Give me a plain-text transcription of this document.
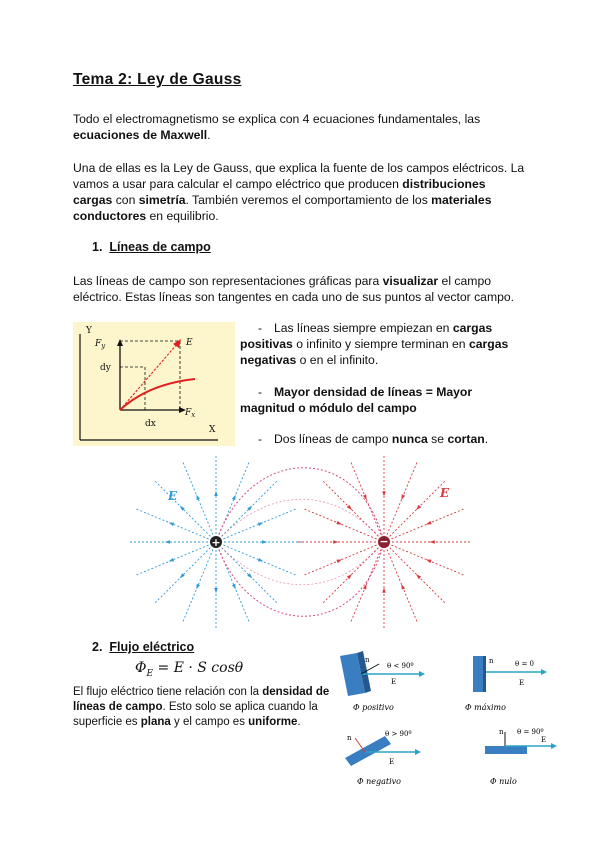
Tema 2: Ley de Gauss
Todo el electromagnetismo se explica con 4 ecuaciones fundamentales, las
ecuaciones de Maxwell.
Una de ellas es la Ley de Gauss, que explica la fuente de los campos eléctricos. La
vamos a usar para calcular el campo eléctrico que producen distribuciones
cargas con simetría. También veremos el comportamiento de los materiales
conductores en equilibrio.
1. Líneas de campo
Las líneas de campo son representaciones gráficas para visualizar el campo
eléctrico. Estas líneas son tangentes en cada uno de sus puntos al vector campo.
Y
X
$F_y$	E
$F_x$
dy
dx
- Las líneas siempre empiezan en cargas
positivas o infinito y siempre terminan en cargas
negativas o en el infinito.
- Mayor densidad de líneas = Mayor
magnitud o módulo del campo
- Dos líneas de campo nunca se cortan.
+	−
E	E
2. Flujo eléctrico
$\Phi_E = E \cdot S$ cosθ
El flujo eléctrico tiene relación con la densidad de
líneas de campo. Esto solo se aplica cuando la
superficie es plana y el campo es uniforme.
n
θ < 90º
E
Φ positivo
n	θ = 0
E
Φ máximo
n	θ > 90º
E
Φ negativo
n θ = 90º
E
Φ nulo
